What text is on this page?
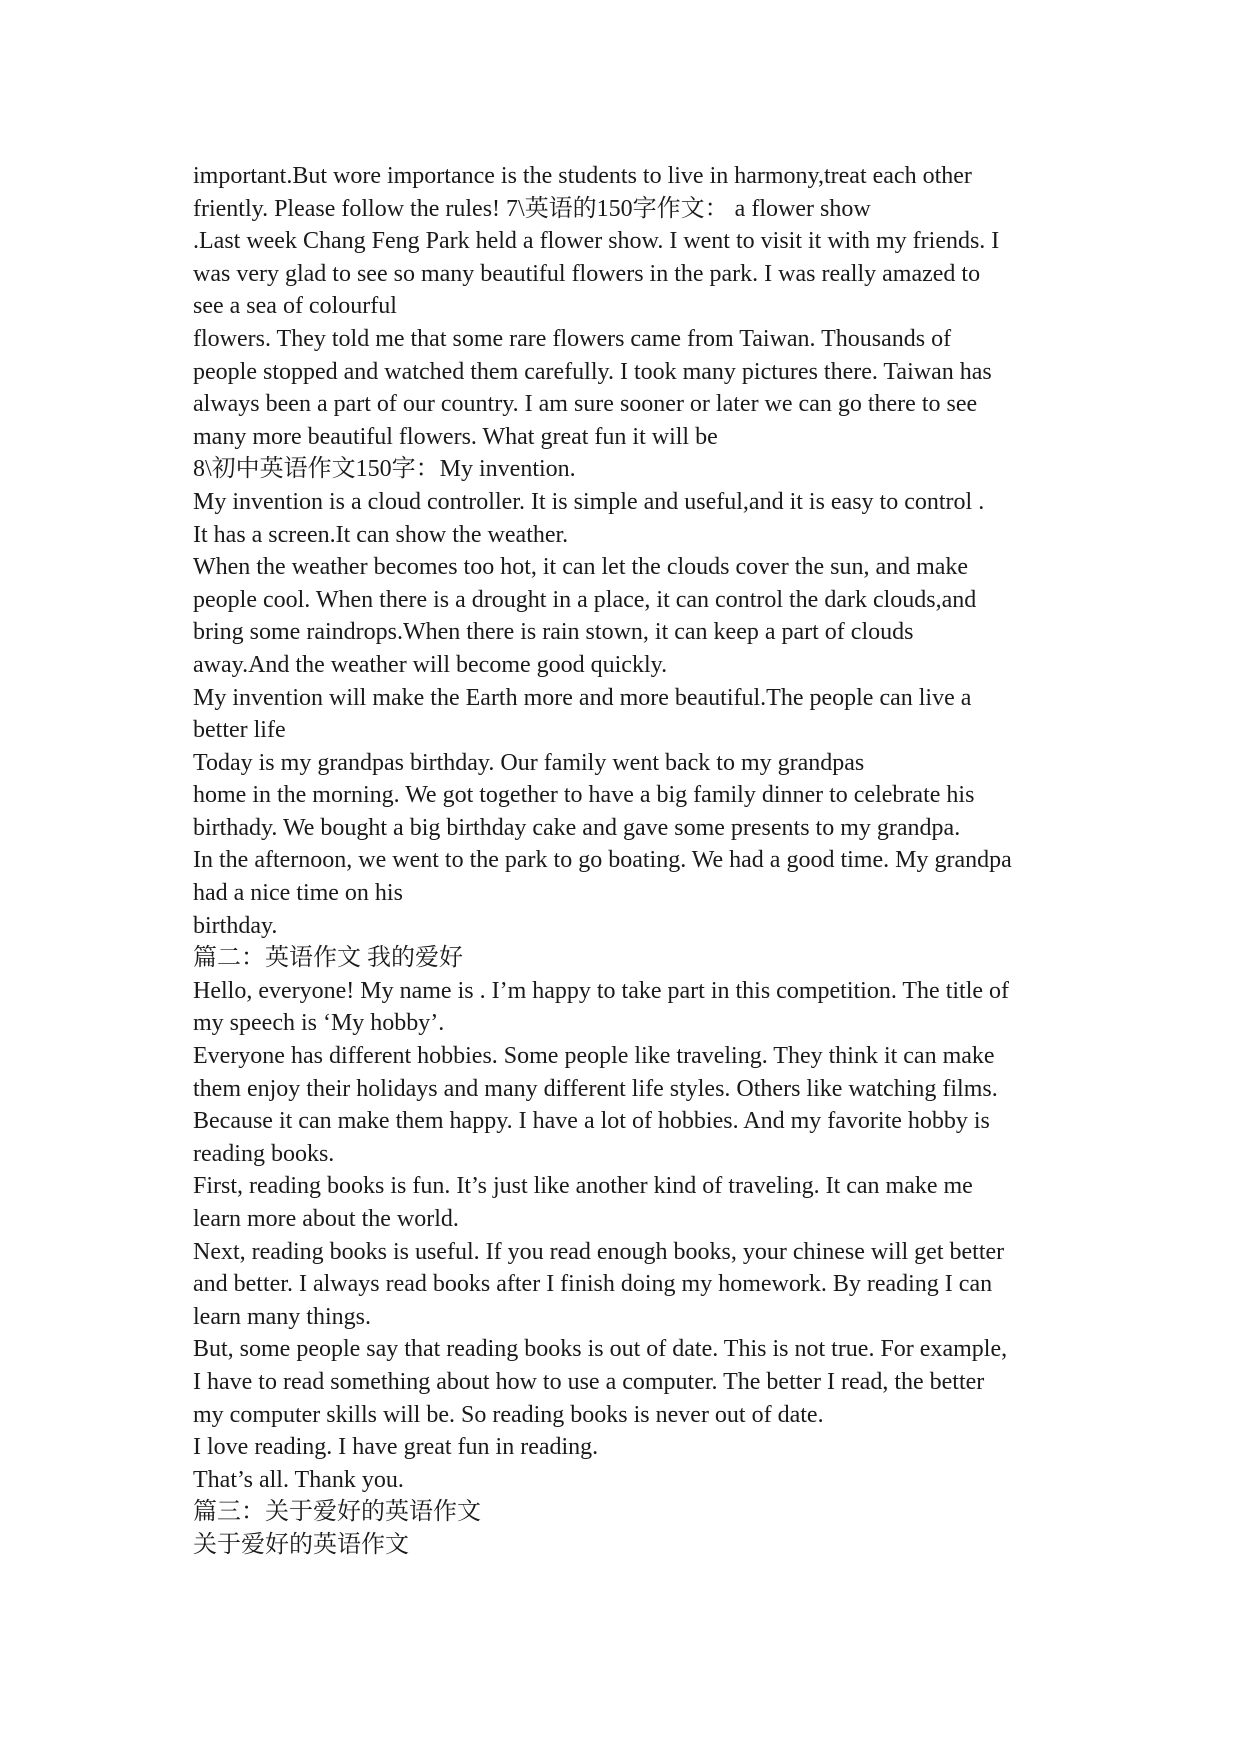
important.But wore importance is the students to live in harmony,treat each other
friently. Please follow the rules! 7\英语的150字作文： a flower show
.Last week Chang Feng Park held a flower show. I went to visit it with my friends. I
was very glad to see so many beautiful flowers in the park. I was really amazed to
see a sea of colourful
flowers. They told me that some rare flowers came from Taiwan. Thousands of
people stopped and watched them carefully. I took many pictures there. Taiwan has
always been a part of our country. I am sure sooner or later we can go there to see
many more beautiful flowers. What great fun it will be
8\初中英语作文150字：My invention.
My invention is a cloud controller. It is simple and useful,and it is easy to control .
It has a screen.It can show the weather.
When the weather becomes too hot, it can let the clouds cover the sun, and make
people cool. When there is a drought in a place, it can control the dark clouds,and
bring some raindrops.When there is rain stown, it can keep a part of clouds
away.And the weather will become good quickly.
My invention will make the Earth more and more beautiful.The people can live a
better life
Today is my grandpas birthday. Our family went back to my grandpas
home in the morning. We got together to have a big family dinner to celebrate his
birthady. We bought a big birthday cake and gave some presents to my grandpa.
In the afternoon, we went to the park to go boating. We had a good time. My grandpa
had a nice time on his
birthday.
篇二：英语作文 我的爱好
Hello, everyone! My name is . I’m happy to take part in this competition. The title of
my speech is ‘My hobby’.
Everyone has different hobbies. Some people like traveling. They think it can make
them enjoy their holidays and many different life styles. Others like watching films.
Because it can make them happy. I have a lot of hobbies. And my favorite hobby is
reading books.
First, reading books is fun. It’s just like another kind of traveling. It can make me
learn more about the world.
Next, reading books is useful. If you read enough books, your chinese will get better
and better. I always read books after I finish doing my homework. By reading I can
learn many things.
But, some people say that reading books is out of date. This is not true. For example,
I have to read something about how to use a computer. The better I read, the better
my computer skills will be. So reading books is never out of date.
I love reading. I have great fun in reading.
That’s all. Thank you.
篇三：关于爱好的英语作文
关于爱好的英语作文
